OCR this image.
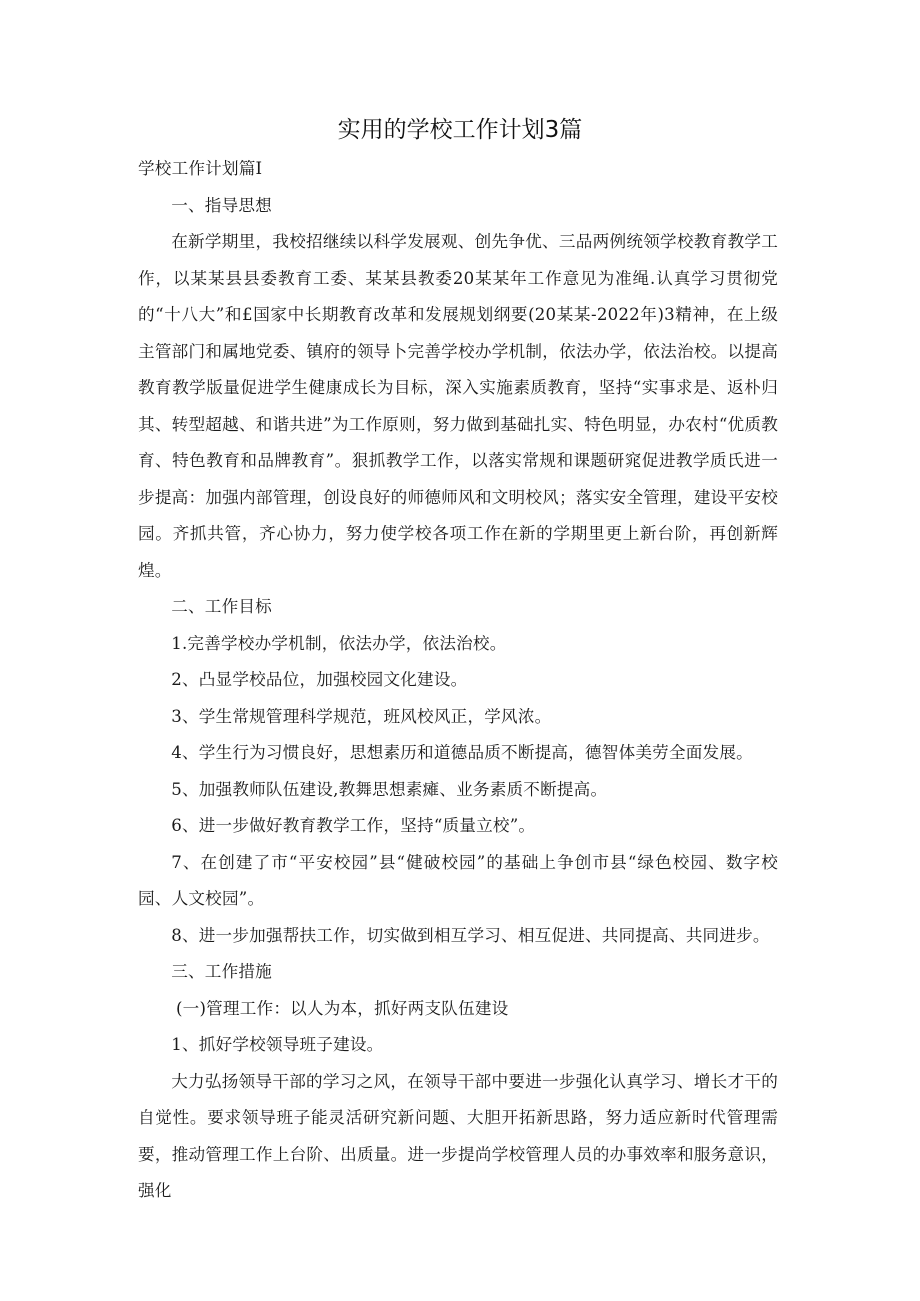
实用的学校工作计划3篇

学校工作计划篇I

一、指导思想

在新学期里，我校招继续以科学发展观、创先争优、三品两例统领学校教育教学工作，以某某县县委教育工委、某某县教委20某某年工作意见为准绳.认真学习贯彻党的“十八大”和£国家中长期教育改革和发展规划纲要(20某某-2022年)3精神，在上级主管部门和属地党委、镇府的领导卜完善学校办学机制，依法办学，依法治校。以提高教育教学版量促进学生健康成长为目标，深入实施素质教育，坚持“实事求是、返朴归其、转型超越、和谐共进”为工作原则，努力做到基础扎实、特色明显，办农村“优质教育、特色教育和品牌教育”。狠抓教学工作，以落实常规和课题研窕促进教学质氏进一步提高：加强内部管理，创设良好的师德师风和文明校风；落实安全管理，建设平安校园。齐抓共管，齐心协力，努力使学校各项工作在新的学期里更上新台阶，再创新辉煌。

二、工作目标

1.完善学校办学机制，依法办学，依法治校。

2、凸显学校品位，加强校园文化建设。

3、学生常规管理科学规范，班风校风正，学风浓。

4、学生行为习惯良好，思想素历和道德品质不断提高，德智体美劳全面发展。

5、加强教师队伍建设,教舞思想素瘫、业务素质不断提高。

6、进一步做好教育教学工作，坚持“质量立校”。

7、在创建了市“平安校园”县“健破校园”的基础上争创市县“绿色校园、数字校园、人文校园”。

8、进一步加强帮扶工作，切实做到相互学习、相互促进、共同提高、共同进步。

三、工作措施

(一)管理工作：以人为本，抓好两支队伍建设

1、抓好学校领导班子建设。

大力弘扬领导干部的学习之风，在领导干部中要进一步强化认真学习、增长才干的自觉性。要求领导班子能灵活研究新问题、大胆开拓新思路，努力适应新时代管理需要，推动管理工作上台阶、出质量。进一步提尚学校管理人员的办事效率和服务意识，强化
